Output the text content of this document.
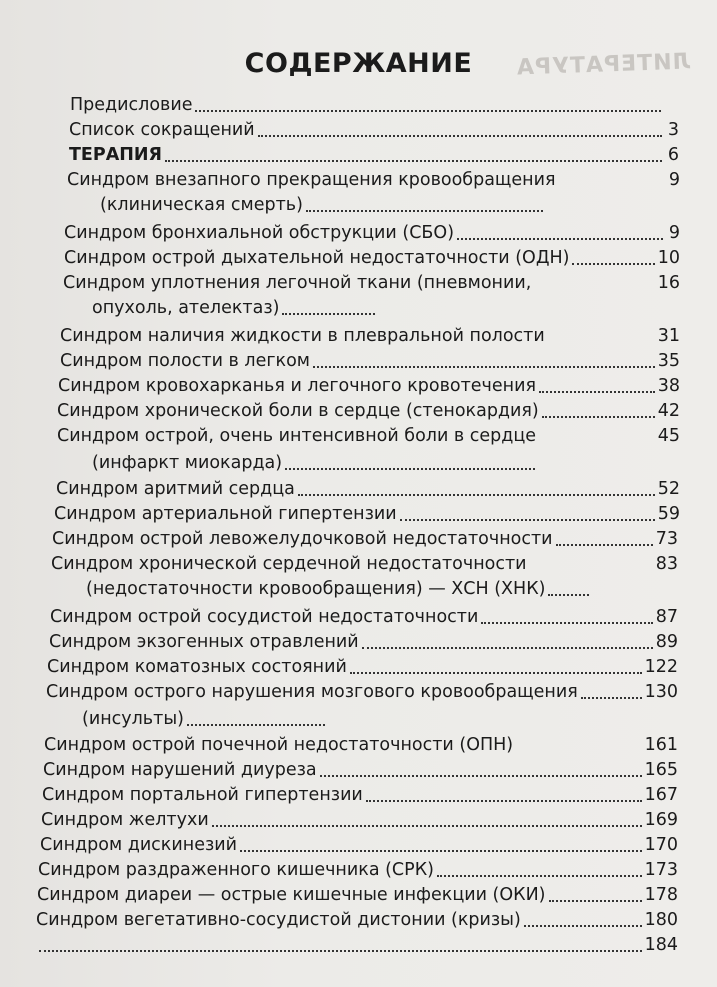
ЛИТЕРАТУРА
СОДЕРЖАНИЕ
Предисловие
Список сокращений	3
ТЕРАПИЯ	6
Синдром внезапного прекращения кровообращения	9
(клиническая смерть)
Синдром бронхиальной обструкции (СБО)	9
Синдром острой дыхательной недостаточности (ОДН)	10
Синдром уплотнения легочной ткани (пневмонии,	16
опухоль, ателектаз)
Синдром наличия жидкости в плевральной полости	31
Синдром полости в легком	35
Синдром кровохарканья и легочного кровотечения	38
Синдром хронической боли в сердце (стенокардия)	42
Синдром острой, очень интенсивной боли в сердце	45
(инфаркт миокарда)
Синдром аритмий сердца	52
Синдром артериальной гипертензии	59
Синдром острой левожелудочковой недостаточности	73
Синдром хронической сердечной недостаточности	83
(недостаточности кровообращения) — ХСН (ХНК)
Синдром острой сосудистой недостаточности	87
Синдром экзогенных отравлений	89
Синдром коматозных состояний	122
Синдром острого нарушения мозгового кровообращения	130
(инсульты)
Синдром острой почечной недостаточности (ОПН)	161
Синдром нарушений диуреза	165
Синдром портальной гипертензии	167
Синдром желтухи	169
Синдром дискинезий	170
Синдром раздраженного кишечника (СРК)	173
Синдром диареи — острые кишечные инфекции (ОКИ)	178
Синдром вегетативно-сосудистой дистонии (кризы)	180
184
